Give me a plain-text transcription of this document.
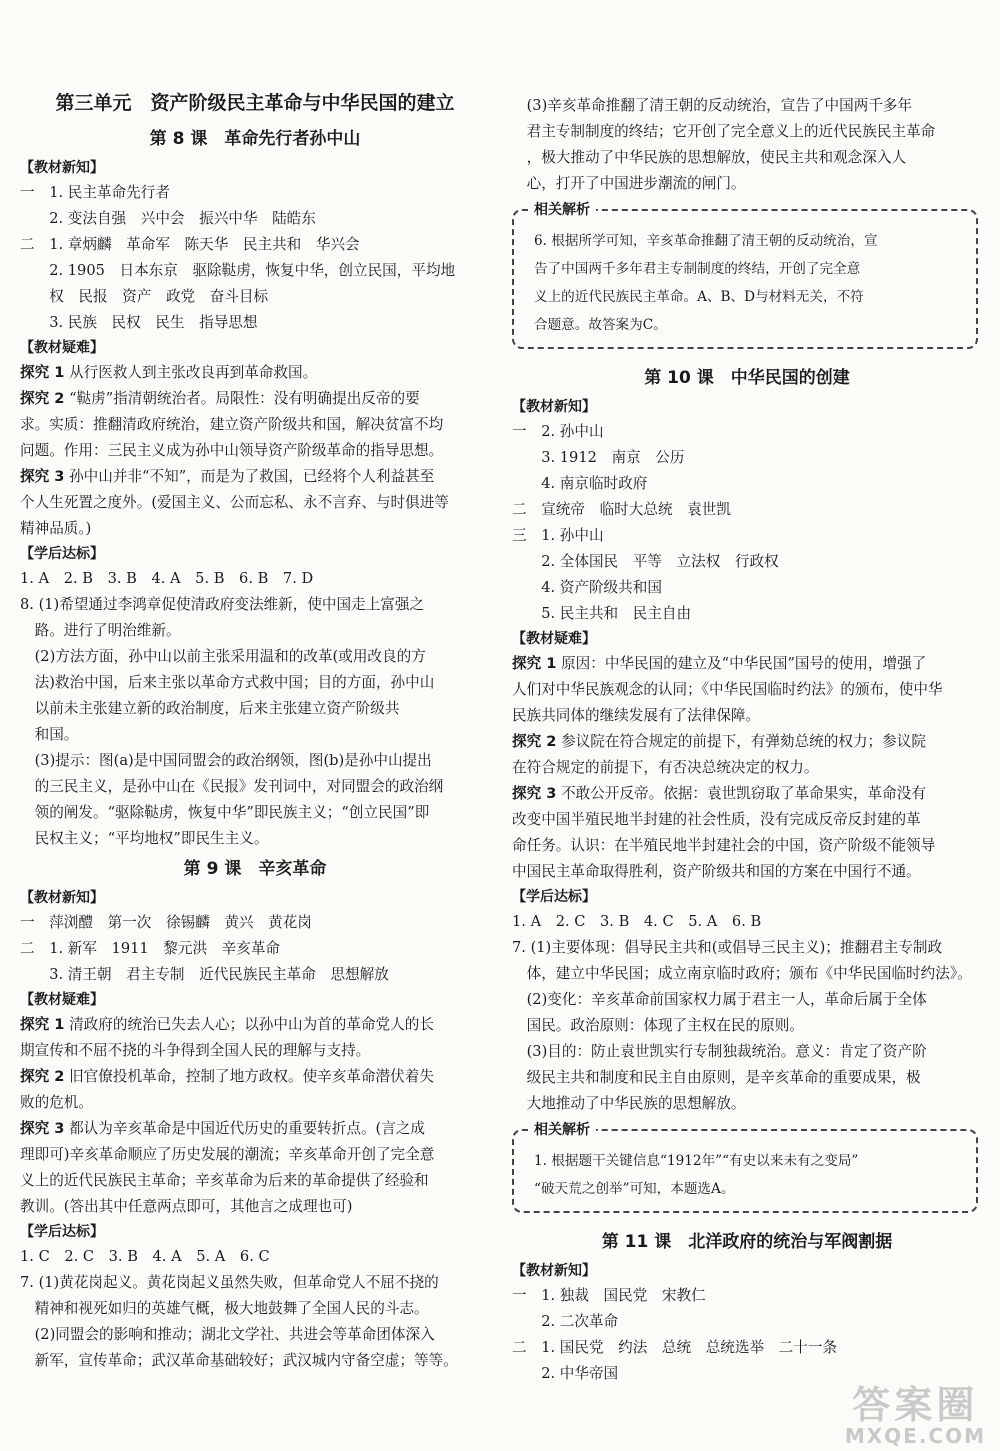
第三单元　资产阶级民主革命与中华民国的建立
第 8 课　革命先行者孙中山
【教材新知】
一　1. 民主革命先行者
　　2. 变法自强　兴中会　振兴中华　陆皓东
二　1. 章炳麟　革命军　陈天华　民主共和　华兴会
　　2. 1905　日本东京　驱除鞑虏，恢复中华，创立民国，平均地
　　权　民报　资产　政党　奋斗目标
　　3. 民族　民权　民生　指导思想
【教材疑难】
探究 1 从行医救人到主张改良再到革命救国。
探究 2 “鞑虏”指清朝统治者。局限性：没有明确提出反帝的要
求。实质：推翻清政府统治，建立资产阶级共和国，解决贫富不均
问题。作用：三民主义成为孙中山领导资产阶级革命的指导思想。
探究 3 孙中山并非“不知”，而是为了救国，已经将个人利益甚至
个人生死置之度外。(爱国主义、公而忘私、永不言弃、与时俱进等
精神品质。)
【学后达标】
1. A　2. B　3. B　4. A　5. B　6. B　7. D
8. (1)希望通过李鸿章促使清政府变法维新，使中国走上富强之
　路。进行了明治维新。
　(2)方法方面，孙中山以前主张采用温和的改革(或用改良的方
　法)救治中国，后来主张以革命方式救中国；目的方面，孙中山
　以前未主张建立新的政治制度，后来主张建立资产阶级共
　和国。
　(3)提示：图(a)是中国同盟会的政治纲领，图(b)是孙中山提出
　的三民主义，是孙中山在《民报》发刊词中，对同盟会的政治纲
　领的阐发。“驱除鞑虏，恢复中华”即民族主义；“创立民国”即
　民权主义；“平均地权”即民生主义。
第 9 课　辛亥革命
【教材新知】
一　萍浏醴　第一次　徐锡麟　黄兴　黄花岗
二　1. 新军　1911　黎元洪　辛亥革命
　　3. 清王朝　君主专制　近代民族民主革命　思想解放
【教材疑难】
探究 1 清政府的统治已失去人心；以孙中山为首的革命党人的长
期宣传和不屈不挠的斗争得到全国人民的理解与支持。
探究 2 旧官僚投机革命，控制了地方政权。使辛亥革命潜伏着失
败的危机。
探究 3 都认为辛亥革命是中国近代历史的重要转折点。(言之成
理即可)辛亥革命顺应了历史发展的潮流；辛亥革命开创了完全意
义上的近代民族民主革命；辛亥革命为后来的革命提供了经验和
教训。(答出其中任意两点即可，其他言之成理也可)
【学后达标】
1. C　2. C　3. B　4. A　5. A　6. C
7. (1)黄花岗起义。黄花岗起义虽然失败，但革命党人不屈不挠的
　精神和视死如归的英雄气概，极大地鼓舞了全国人民的斗志。
　(2)同盟会的影响和推动；湖北文学社、共进会等革命团体深入
　新军，宣传革命；武汉革命基础较好；武汉城内守备空虚；等等。
　(3)辛亥革命推翻了清王朝的反动统治，宣告了中国两千多年
　君主专制制度的终结；它开创了完全意义上的近代民族民主革命
　，极大推动了中华民族的思想解放，使民主共和观念深入人
　心，打开了中国进步潮流的闸门。
相关解析
6. 根据所学可知，辛亥革命推翻了清王朝的反动统治，宣
告了中国两千多年君主专制制度的终结，开创了完全意
义上的近代民族民主革命。A、B、D与材料无关，不符
合题意。故答案为C。
第 10 课　中华民国的创建
【教材新知】
一　2. 孙中山
　　3. 1912　南京　公历
　　4. 南京临时政府
二　宣统帝　临时大总统　袁世凯
三　1. 孙中山
　　2. 全体国民　平等　立法权　行政权
　　4. 资产阶级共和国
　　5. 民主共和　民主自由
【教材疑难】
探究 1 原因：中华民国的建立及“中华民国”国号的使用，增强了
人们对中华民族观念的认同；《中华民国临时约法》的颁布，使中华
民族共同体的继续发展有了法律保障。
探究 2 参议院在符合规定的前提下，有弹劾总统的权力；参议院
在符合规定的前提下，有否决总统决定的权力。
探究 3 不敢公开反帝。依据：袁世凯窃取了革命果实，革命没有
改变中国半殖民地半封建的社会性质，没有完成反帝反封建的革
命任务。认识：在半殖民地半封建社会的中国，资产阶级不能领导
中国民主革命取得胜利，资产阶级共和国的方案在中国行不通。
【学后达标】
1. A　2. C　3. B　4. C　5. A　6. B
7. (1)主要体现：倡导民主共和(或倡导三民主义)；推翻君主专制政
　体，建立中华民国；成立南京临时政府；颁布《中华民国临时约法》。
　(2)变化：辛亥革命前国家权力属于君主一人，革命后属于全体
　国民。政治原则：体现了主权在民的原则。
　(3)目的：防止袁世凯实行专制独裁统治。意义：肯定了资产阶
　级民主共和制度和民主自由原则，是辛亥革命的重要成果，极
　大地推动了中华民族的思想解放。
相关解析
1. 根据题干关键信息“1912年”“有史以来未有之变局”
“破天荒之创举”可知，本题选A。
第 11 课　北洋政府的统治与军阀割据
【教材新知】
一　1. 独裁　国民党　宋教仁
　　2. 二次革命
二　1. 国民党　约法　总统　总统选举　二十一条
　　2. 中华帝国
答案圈
MXQE.COM
